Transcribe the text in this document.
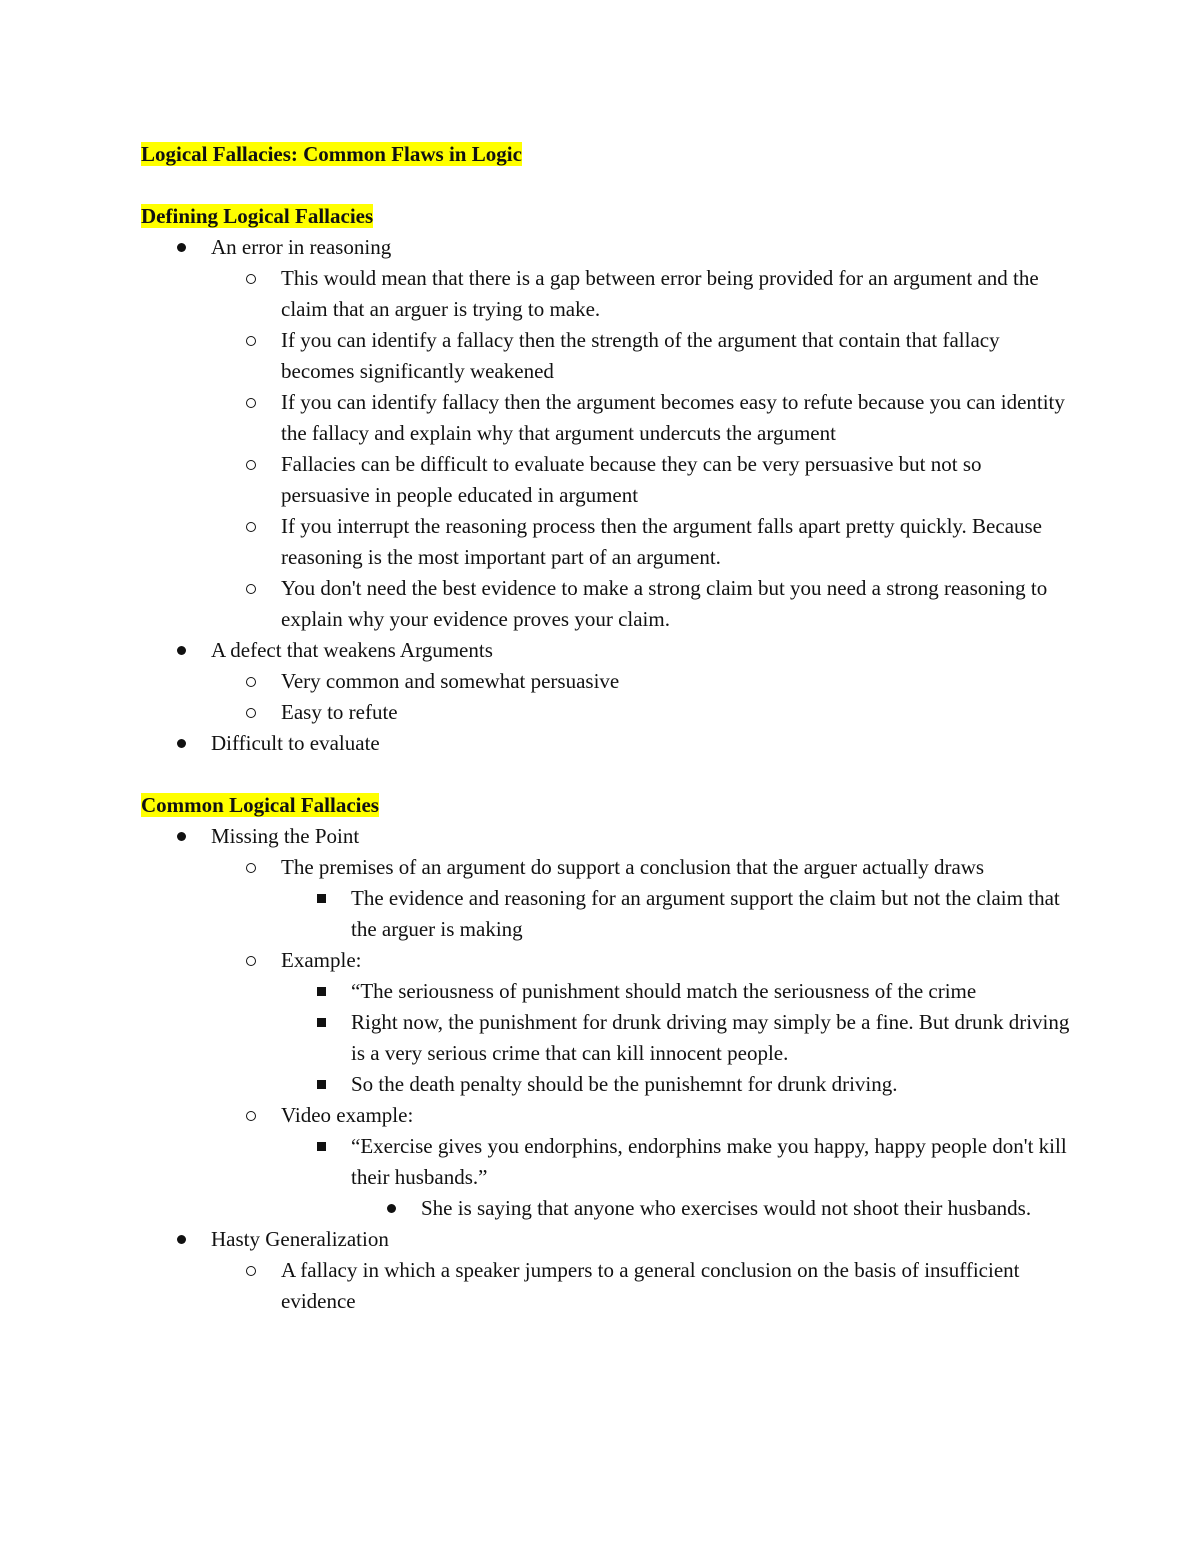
Logical Fallacies: Common Flaws in Logic
Defining Logical Fallacies
An error in reasoning
This would mean that there is a gap between error being provided for an argument and the claim that an arguer is trying to make.
If you can identify a fallacy then the strength of the argument that contain that fallacy becomes significantly weakened
If you can identify fallacy then the argument becomes easy to refute because you can identity the fallacy and explain why that argument undercuts the argument
Fallacies can be difficult to evaluate because they can be very persuasive but not so persuasive in people educated in argument
If you interrupt the reasoning process then the argument falls apart pretty quickly. Because reasoning is the most important part of an argument.
You don't need the best evidence to make a strong claim but you need a strong reasoning to explain why your evidence proves your claim.
A defect that weakens Arguments
Very common and somewhat persuasive
Easy to refute
Difficult to evaluate
Common Logical Fallacies
Missing the Point
The premises of an argument do support a conclusion that the arguer actually draws
The evidence and reasoning for an argument support the claim but not the claim that the arguer is making
Example:
“The seriousness of punishment should match the seriousness of the crime
Right now, the punishment for drunk driving may simply be a fine. But drunk driving is a very serious crime that can kill innocent people.
So the death penalty should be the punishemnt for drunk driving.
Video example:
“Exercise gives you endorphins, endorphins make you happy, happy people don't kill their husbands.”
She is saying that anyone who exercises would not shoot their husbands.
Hasty Generalization
A fallacy in which a speaker jumpers to a general conclusion on the basis of insufficient evidence
